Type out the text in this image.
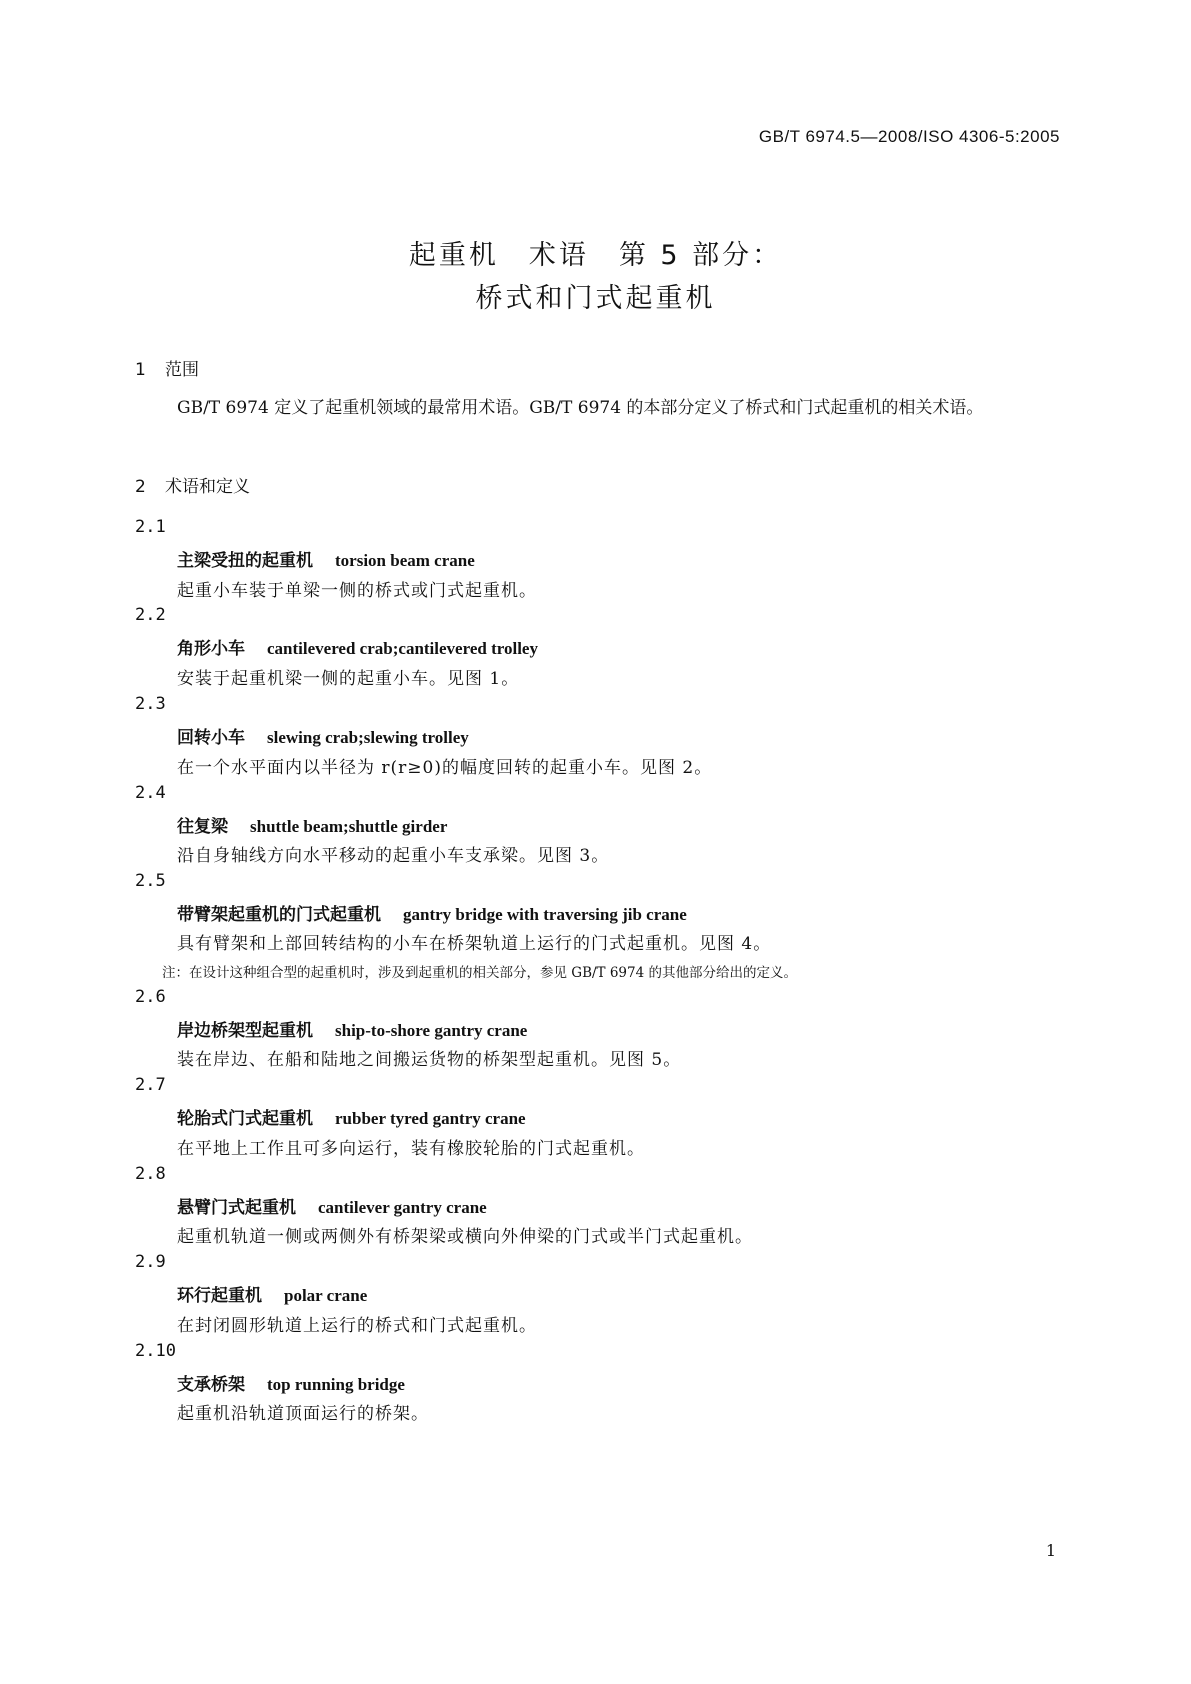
GB/T 6974.5—2008/ISO 4306-5:2005
起重机　术语　第 5 部分：
桥式和门式起重机
1 范围
GB/T 6974 定义了起重机领域的最常用术语。GB/T 6974 的本部分定义了桥式和门式起重机的相关术语。
2 术语和定义
2.1
主梁受扭的起重机 torsion beam crane
起重小车装于单梁一侧的桥式或门式起重机。
2.2
角形小车 cantilevered crab;cantilevered trolley
安装于起重机梁一侧的起重小车。见图 1。
2.3
回转小车 slewing crab;slewing trolley
在一个水平面内以半径为 r(r≥0)的幅度回转的起重小车。见图 2。
2.4
往复梁 shuttle beam;shuttle girder
沿自身轴线方向水平移动的起重小车支承梁。见图 3。
2.5
带臂架起重机的门式起重机 gantry bridge with traversing jib crane
具有臂架和上部回转结构的小车在桥架轨道上运行的门式起重机。见图 4。
注：在设计这种组合型的起重机时，涉及到起重机的相关部分，参见 GB/T 6974 的其他部分给出的定义。
2.6
岸边桥架型起重机 ship-to-shore gantry crane
装在岸边、在船和陆地之间搬运货物的桥架型起重机。见图 5。
2.7
轮胎式门式起重机 rubber tyred gantry crane
在平地上工作且可多向运行，装有橡胶轮胎的门式起重机。
2.8
悬臂门式起重机 cantilever gantry crane
起重机轨道一侧或两侧外有桥架梁或横向外伸梁的门式或半门式起重机。
2.9
环行起重机 polar crane
在封闭圆形轨道上运行的桥式和门式起重机。
2.10
支承桥架 top running bridge
起重机沿轨道顶面运行的桥架。
1
